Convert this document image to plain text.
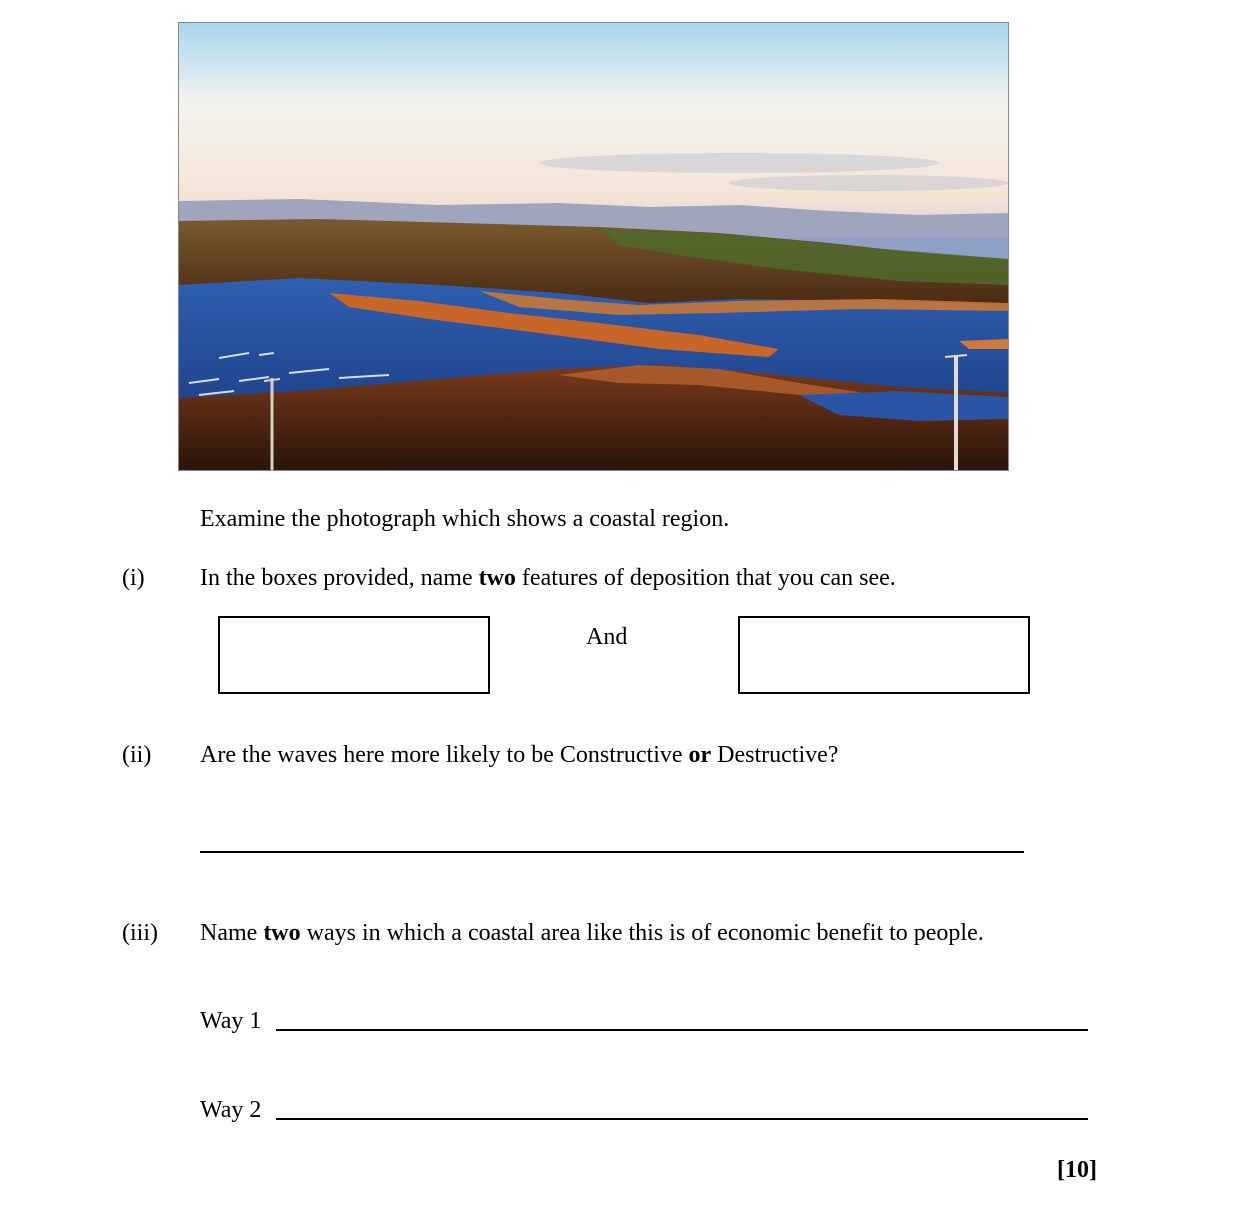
Examine the photograph which shows a coastal region.
(i) In the boxes provided, name two features of deposition that you can see.
And
(ii) Are the waves here more likely to be Constructive or Destructive?
(iii) Name two ways in which a coastal area like this is of economic benefit to people.
Way 1
Way 2
[10]
